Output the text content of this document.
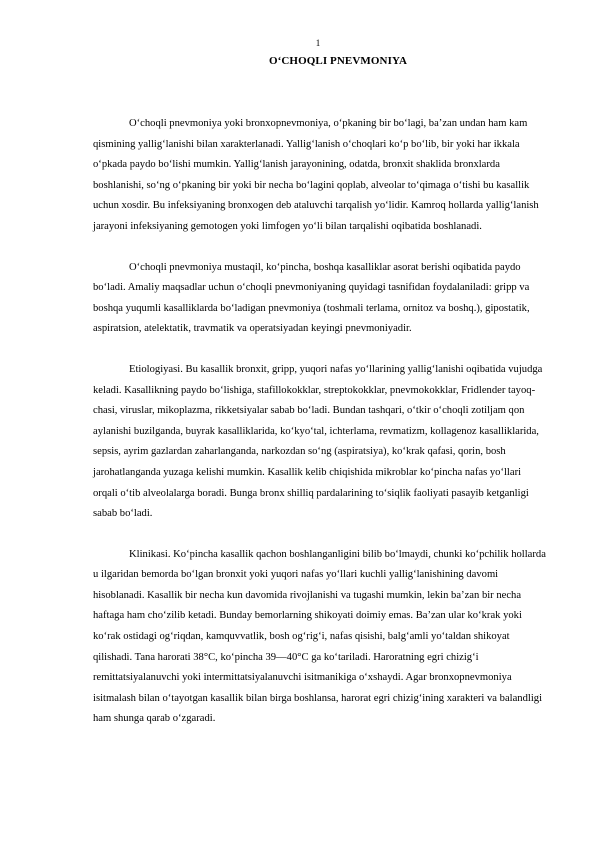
1
O‘CHOQLI PNEVMONIYA

O‘choqli pnevmoniya yoki bronxopnevmoniya, o‘pkaning bir bo‘lagi, ba’zan undan ham kam qismining yallig‘lanishi bilan xarakterlanadi. Yallig‘lanish o‘choqlari ko‘p bo‘lib, bir yoki har ikkala o‘pkada paydo bo‘lishi mumkin. Yallig‘lanish jarayonining, odatda, bronxit shaklida bronxlarda boshlanishi, so‘ng o‘pkaning bir yoki bir necha bo‘lagini qoplab, alveolar to‘qimaga o‘tishi bu kasallik uchun xosdir. Bu infeksiyaning bronxogen deb ataluvchi tarqalish yo‘lidir. Kamroq hollarda yallig‘lanish jarayoni infeksiyaning gemotogen yoki limfogen yo‘li bilan tarqalishi oqibatida boshlanadi.

O‘choqli pnevmoniya mustaqil, ko‘pincha, boshqa kasalliklar asorat berishi oqibatida paydo bo‘ladi. Amaliy maqsadlar uchun o‘choqli pnevmoniyaning quyidagi tasnifidan foydalaniladi: gripp va boshqa yuqumli kasalliklarda bo‘ladigan pnevmoniya (toshmali terlama, ornitoz va boshq.), gipostatik, aspiratsion, atelektatik, travmatik va operatsiyadan keyingi pnevmoniyadir.

Etiologiyasi. Bu kasallik bronxit, gripp, yuqori nafas yo‘llarining yallig‘lanishi oqibatida vujudga keladi. Kasallikning paydo bo‘lishiga, stafillokokklar, streptokokklar, pnevmokokklar, Fridlender tayoq- chasi, viruslar, mikoplazma, rikketsiyalar sabab bo‘ladi. Bundan tashqari, o‘tkir o‘choqli zotiljam qon aylanishi buzilganda, buyrak kasalliklarida, ko‘kyo‘tal, ichterlama, revmatizm, kollagenoz kasalliklarida, sepsis, ayrim gazlardan zaharlanganda, narkozdan so‘ng (aspiratsiya), ko‘krak qafasi, qorin, bosh jarohatlanganda yuzaga kelishi mumkin. Kasallik kelib chiqishida mikroblar ko‘pincha nafas yo‘llari orqali o‘tib alveolalarga boradi. Bunga bronx shilliq pardalarining to‘siqlik faoliyati pasayib ketganligi sabab bo‘ladi.

Klinikasi. Ko‘pincha kasallik qachon boshlanganligini bilib bo‘lmaydi, chunki ko‘pchilik hollarda u ilgaridan bemorda bo‘lgan bronxit yoki yuqori nafas yo‘llari kuchli yallig‘lanishining davomi hisoblanadi. Kasallik bir necha kun davomida rivojlanishi va tugashi mumkin, lekin ba’zan bir necha haftaga ham cho‘zilib ketadi. Bunday bemorlarning shikoyati doimiy emas. Ba’zan ular ko‘krak yoki ko‘rak ostidagi og‘riqdan, kamquvvatlik, bosh og‘rig‘i, nafas qisishi, balg‘amli yo‘taldan shikoyat qilishadi. Tana harorati 38°C, ko‘pincha 39—40°C ga ko‘tariladi. Haroratning egri chizig‘i remittatsiyalanuvchi yoki intermittatsiyalanuvchi isitmanikiga o‘xshaydi. Agar bronxopnevmoniya isitmalash bilan o‘tayotgan kasallik bilan birga boshlansa, harorat egri chizig‘ining xarakteri va balandligi ham shunga qarab o‘zgaradi.
